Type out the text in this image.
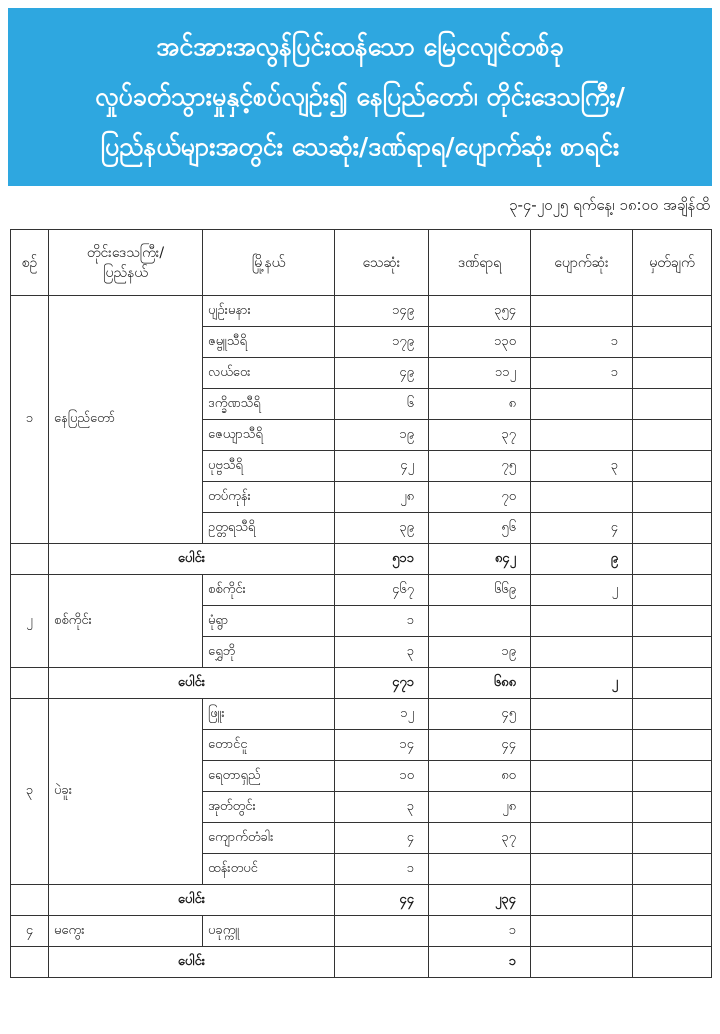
အင်အားအလွန်ပြင်းထန်သော မြေငလျင်တစ်ခု
လှုပ်ခတ်သွားမှုနှင့်စပ်လျဉ်း၍ နေပြည်တော်၊ တိုင်းဒေသကြီး/
ပြည်နယ်များအတွင်း သေဆုံး/ဒဏ်ရာရ/ပျောက်ဆုံး စာရင်း
၃-၄-၂၀၂၅ ရက်နေ့၊ ၁၈:၀၀ အချိန်ထိ
စဉ်	တိုင်းဒေသကြီး/
ပြည်နယ်	မြို့နယ်	သေဆုံး	ဒဏ်ရာရ	ပျောက်ဆုံး	မှတ်ချက်
၁	နေပြည်တော်	ပျဉ်းမနား	၁၄၉	၃၅၄		
		ဇမ္ဗူသီရိ	၁၇၉	၁၃၀	၁	
		လယ်ဝေး	၄၉	၁၁၂	၁	
		ဒက္ခိဏသီရိ	၆	၈		
		ဇေယျာသီရိ	၁၉	၃၇		
		ပုဗ္ဗသီရိ	၄၂	၇၅	၃	
		တပ်ကုန်း	၂၈	၇၀		
		ဥတ္တရသီရိ	၃၉	၅၆	၄	
	ပေါင်း		၅၁၁	၈၄၂	၉	
၂	စစ်ကိုင်း	စစ်ကိုင်း	၄၆၇	၆၆၉	၂	
		မုံရွာ	၁			
		ရွှေဘို	၃	၁၉		
	ပေါင်း		၄၇၁	၆၈၈	၂	
၃	ပဲခူး	ဖြူး	၁၂	၄၅		
		တောင်ငူ	၁၄	၄၄		
		ရေတာရှည်	၁၀	၈၀		
		အုတ်တွင်း	၃	၂၈		
		ကျောက်တံခါး	၄	၃၇		
		ထန်းတပင်	၁			
	ပေါင်း		၄၄	၂၃၄		
၄	မကွေး	ပခုက္ကူ		၁		
	ပေါင်း			၁		
